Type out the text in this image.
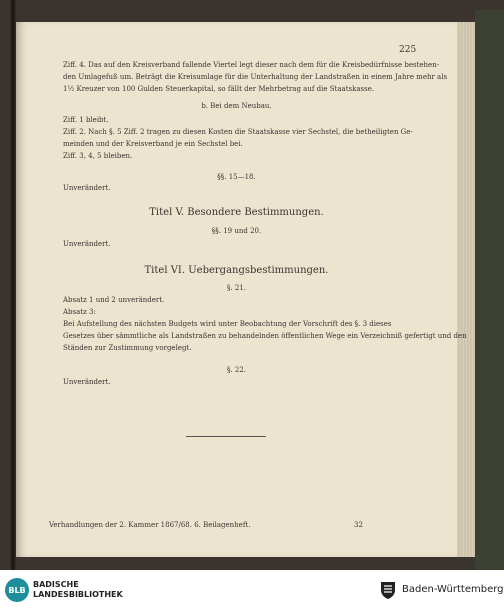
225
Ziff. 4. Das auf den Kreisverband fallende Viertel legt dieser nach dem für die Kreisbedürfnisse bestehen-
den Umlagefuß um. Beträgt die Kreisumlage für die Unterhaltung der Landstraßen in einem Jahre mehr als
1½ Kreuzer von 100 Gulden Steuerkapital, so fällt der Mehrbetrag auf die Staatskasse.
b. Bei dem Neubau.
Ziff. 1 bleibt.
Ziff. 2. Nach §. 5 Ziff. 2 tragen zu diesen Kosten die Staatskasse vier Sechstel, die betheiligten Ge-
meinden und der Kreisverband je ein Sechstel bei.
Ziff. 3, 4, 5 bleiben.
§§. 15—18.
Unverändert.
Titel V. Besondere Bestimmungen.
§§. 19 und 20.
Unverändert.
Titel VI. Uebergangsbestimmungen.
§. 21.
Absatz 1 und 2 unverändert.
Absatz 3:
Bei Aufstellung des nächsten Budgets wird unter Beobachtung der Vorschrift des §. 3 dieses
Gesetzes über sämmtliche als Landstraßen zu behandelnden öffentlichen Wege ein Verzeichniß gefertigt und den
Ständen zur Zustimmung vorgelegt.
§. 22.
Unverändert.
Verhandlungen der 2. Kammer 1867/68. 6. Beilagenheft.	32
BLB
BADISCHE
LANDESBIBLIOTHEK	Baden-Württemberg
